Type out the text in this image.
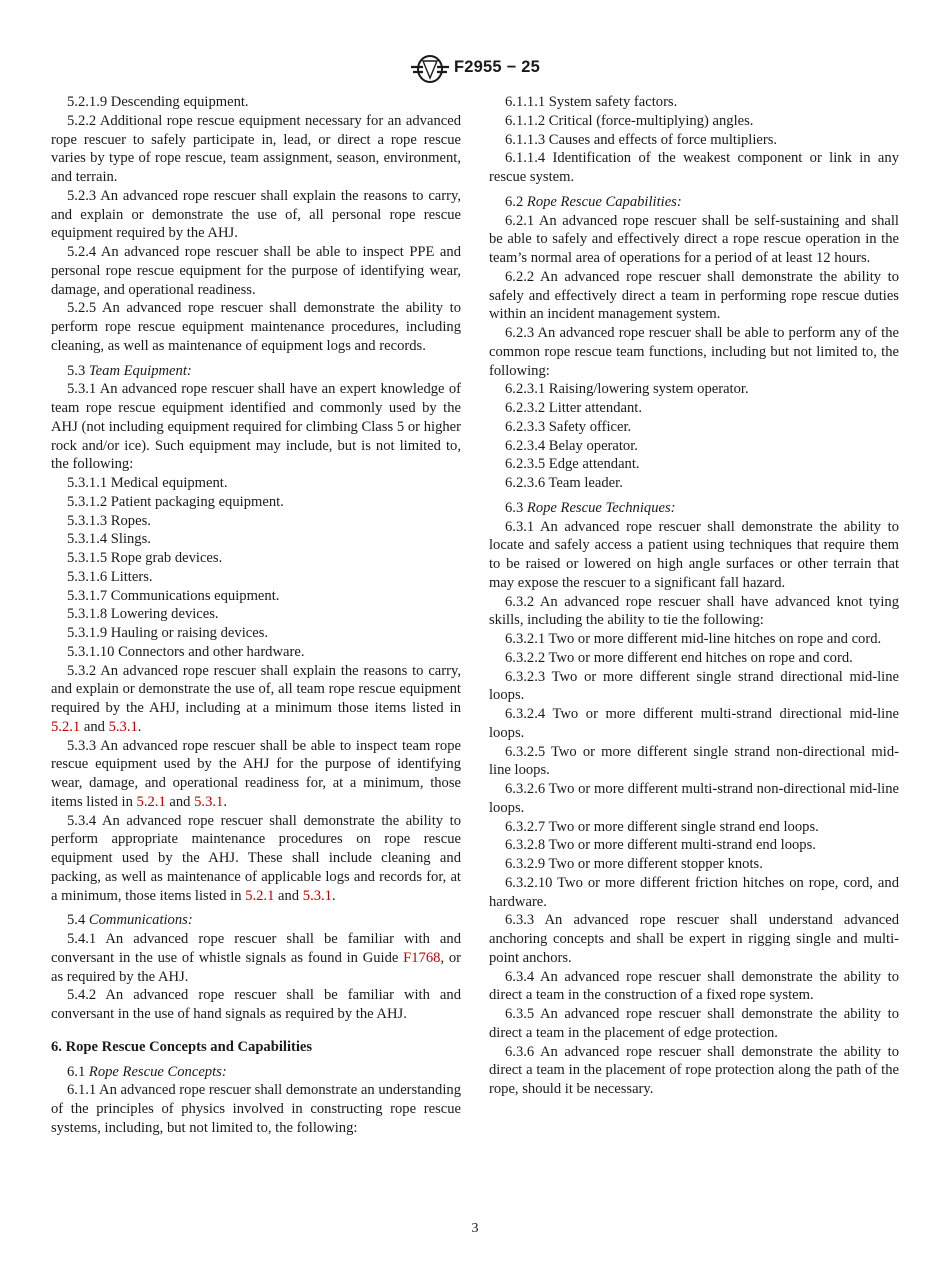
F2955 − 25

5.2.1.9 Descending equipment.

5.2.2 Additional rope rescue equipment necessary for an advanced rope rescuer to safely participate in, lead, or direct a rope rescue varies by type of rope rescue, team assignment, season, environment, and terrain.

5.2.3 An advanced rope rescuer shall explain the reasons to carry, and explain or demonstrate the use of, all personal rope rescue equipment required by the AHJ.

5.2.4 An advanced rope rescuer shall be able to inspect PPE and personal rope rescue equipment for the purpose of identifying wear, damage, and operational readiness.

5.2.5 An advanced rope rescuer shall demonstrate the ability to perform rope rescue equipment maintenance procedures, including cleaning, as well as maintenance of equipment logs and records.

5.3 Team Equipment:

5.3.1 An advanced rope rescuer shall have an expert knowledge of team rope rescue equipment identified and commonly used by the AHJ (not including equipment required for climbing Class 5 or higher rock and/or ice). Such equipment may include, but is not limited to, the following:

5.3.1.1 Medical equipment.

5.3.1.2 Patient packaging equipment.

5.3.1.3 Ropes.

5.3.1.4 Slings.

5.3.1.5 Rope grab devices.

5.3.1.6 Litters.

5.3.1.7 Communications equipment.

5.3.1.8 Lowering devices.

5.3.1.9 Hauling or raising devices.

5.3.1.10 Connectors and other hardware.

5.3.2 An advanced rope rescuer shall explain the reasons to carry, and explain or demonstrate the use of, all team rope rescue equipment required by the AHJ, including at a minimum those items listed in 5.2.1 and 5.3.1.

5.3.3 An advanced rope rescuer shall be able to inspect team rope rescue equipment used by the AHJ for the purpose of identifying wear, damage, and operational readiness for, at a minimum, those items listed in 5.2.1 and 5.3.1.

5.3.4 An advanced rope rescuer shall demonstrate the ability to perform appropriate maintenance procedures on rope rescue equipment used by the AHJ. These shall include cleaning and packing, as well as maintenance of applicable logs and records for, at a minimum, those items listed in 5.2.1 and 5.3.1.

5.4 Communications:

5.4.1 An advanced rope rescuer shall be familiar with and conversant in the use of whistle signals as found in Guide F1768, or as required by the AHJ.

5.4.2 An advanced rope rescuer shall be familiar with and conversant in the use of hand signals as required by the AHJ.

6. Rope Rescue Concepts and Capabilities

6.1 Rope Rescue Concepts:

6.1.1 An advanced rope rescuer shall demonstrate an understanding of the principles of physics involved in constructing rope rescue systems, including, but not limited to, the following:

6.1.1.1 System safety factors.

6.1.1.2 Critical (force-multiplying) angles.

6.1.1.3 Causes and effects of force multipliers.

6.1.1.4 Identification of the weakest component or link in any rescue system.

6.2 Rope Rescue Capabilities:

6.2.1 An advanced rope rescuer shall be self-sustaining and shall be able to safely and effectively direct a rope rescue operation in the team’s normal area of operations for a period of at least 12 hours.

6.2.2 An advanced rope rescuer shall demonstrate the ability to safely and effectively direct a team in performing rope rescue duties within an incident management system.

6.2.3 An advanced rope rescuer shall be able to perform any of the common rope rescue team functions, including but not limited to, the following:

6.2.3.1 Raising/lowering system operator.

6.2.3.2 Litter attendant.

6.2.3.3 Safety officer.

6.2.3.4 Belay operator.

6.2.3.5 Edge attendant.

6.2.3.6 Team leader.

6.3 Rope Rescue Techniques:

6.3.1 An advanced rope rescuer shall demonstrate the ability to locate and safely access a patient using techniques that require them to be raised or lowered on high angle surfaces or other terrain that may expose the rescuer to a significant fall hazard.

6.3.2 An advanced rope rescuer shall have advanced knot tying skills, including the ability to tie the following:

6.3.2.1 Two or more different mid-line hitches on rope and cord.

6.3.2.2 Two or more different end hitches on rope and cord.

6.3.2.3 Two or more different single strand directional mid-line loops.

6.3.2.4 Two or more different multi-strand directional mid-line loops.

6.3.2.5 Two or more different single strand non-directional mid-line loops.

6.3.2.6 Two or more different multi-strand non-directional mid-line loops.

6.3.2.7 Two or more different single strand end loops.

6.3.2.8 Two or more different multi-strand end loops.

6.3.2.9 Two or more different stopper knots.

6.3.2.10 Two or more different friction hitches on rope, cord, and hardware.

6.3.3 An advanced rope rescuer shall understand advanced anchoring concepts and shall be expert in rigging single and multi-point anchors.

6.3.4 An advanced rope rescuer shall demonstrate the ability to direct a team in the construction of a fixed rope system.

6.3.5 An advanced rope rescuer shall demonstrate the ability to direct a team in the placement of edge protection.

6.3.6 An advanced rope rescuer shall demonstrate the ability to direct a team in the placement of rope protection along the path of the rope, should it be necessary.

3
